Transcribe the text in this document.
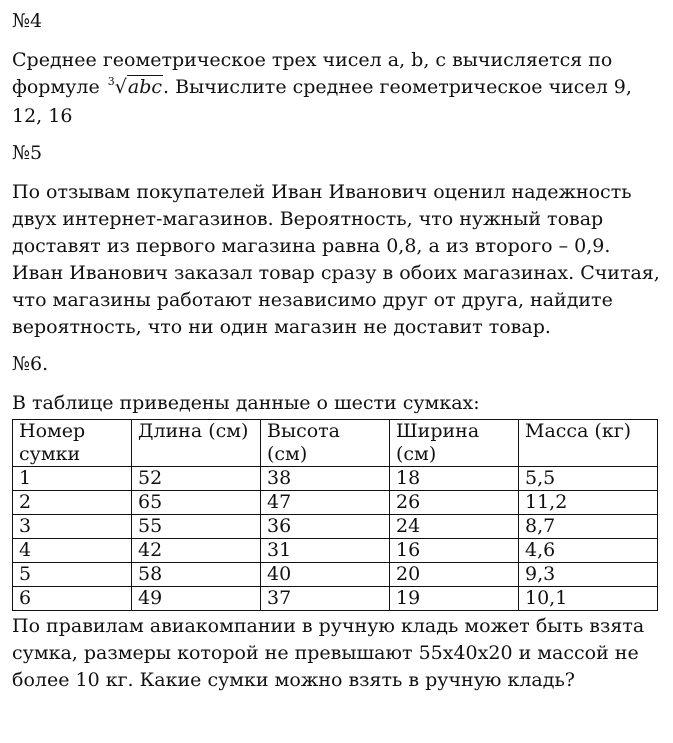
№4
Среднее геометрическое трех чисел a, b, c вычисляется по формуле $^3$√abc. Вычислите среднее геометрическое чисел 9, 12, 16
№5
По отзывам покупателей Иван Иванович оценил надежность двух интернет-магазинов. Вероятность, что нужный товар доставят из первого магазина равна 0,8, а из второго – 0,9. Иван Иванович заказал товар сразу в обоих магазинах. Считая, что магазины работают независимо друг от друга, найдите вероятность, что ни один магазин не доставит товар.
№6.
В таблице приведены данные о шести сумках:
Номер сумки	Длина (см)	Высота (см)	Ширина (см)	Масса (кг)
1	52	38	18	5,5
2	65	47	26	11,2
3	55	36	24	8,7
4	42	31	16	4,6
5	58	40	20	9,3
6	49	37	19	10,1
По правилам авиакомпании в ручную кладь может быть взята сумка, размеры которой не превышают 55х40х20 и массой не более 10 кг. Какие сумки можно взять в ручную кладь?
